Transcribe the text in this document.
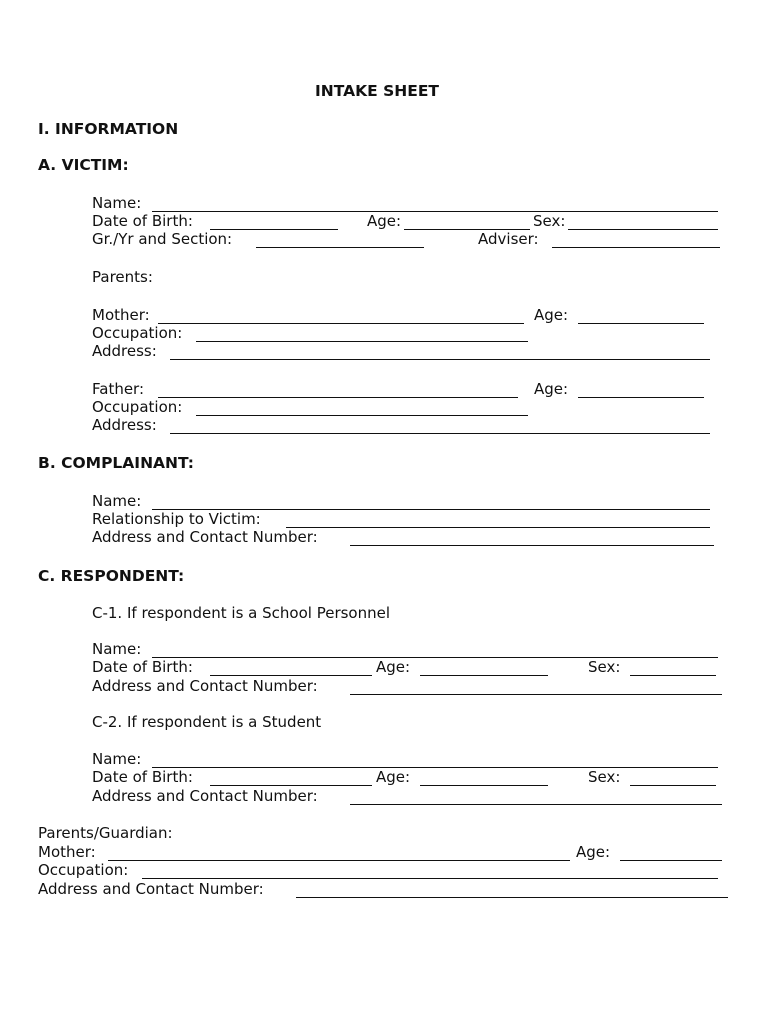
INTAKE SHEET
I. INFORMATION
A. VICTIM:
Name:
Date of Birth:	Age:	Sex:
Gr./Yr and Section:	Adviser:
Parents:
Mother:	Age:
Occupation:
Address:
Father:	Age:
Occupation:
Address:
B. COMPLAINANT:
Name:
Relationship to Victim:
Address and Contact Number:
C. RESPONDENT:
C-1. If respondent is a School Personnel
Name:
Date of Birth:	Age:	Sex:
Address and Contact Number:
C-2. If respondent is a Student
Name:
Date of Birth:	Age:	Sex:
Address and Contact Number:
Parents/Guardian:
Mother:	Age:
Occupation:
Address and Contact Number:
